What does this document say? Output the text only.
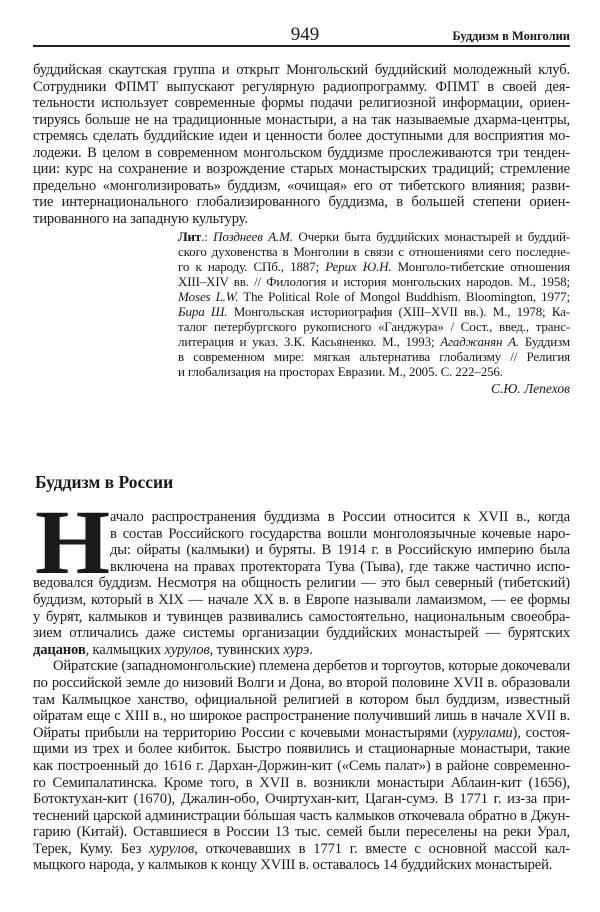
949	Буддизм в Монголии
буддийская скаутская группа и открыт Монгольский буддийский молодежный клуб.
Сотрудники ФПМТ выпускают регулярную радиопрограмму. ФПМТ в своей дея-
тельности использует современные формы подачи религиозной информации, ориен-
тируясь больше не на традиционные монастыри, а на так называемые дхарма-центры,
стремясь сделать буддийские идеи и ценности более доступными для восприятия мо-
лодежи. В целом в современном монгольском буддизме прослеживаются три тенден-
ции: курс на сохранение и возрождение старых монастырских традиций; стремление
предельно «монголизировать» буддизм, «очищая» его от тибетского влияния; разви-
тие интернационального глобализированного буддизма, в большей степени ориен-
тированного на западную культуру.
Лит.: Позднеев А.М. Очерки быта буддийских монастырей и буддий-
ского духовенства в Монголии в связи с отношениями сего последне-
го к народу. СПб., 1887; Рерих Ю.Н. Монголо-тибетские отношения
XIII–XIV вв. // Филология и история монгольских народов. М., 1958;
Moses L.W. The Political Role of Mongol Buddhism. Bloomington, 1977;
Бира Ш. Монгольская историография (XIII–XVII вв.). М., 1978; Ка-
талог петербургского рукописного «Ганджура» / Сост., введ., транс-
литерация и указ. З.К. Касьяненко. М., 1993; Агаджанян А. Буддизм
в современном мире: мягкая альтернатива глобализму // Религия
и глобализация на просторах Евразии. М., 2005. С. 222–256.
С.Ю. Лепехов
Буддизм в России
Н ачало распространения буддизма в России относится к XVII в., когда
в состав Российского государства вошли монголоязычные кочевые наро-
ды: ойраты (калмыки) и буряты. В 1914 г. в Российскую империю была
включена на правах протектората Тува (Тыва), где также частично испо-
ведовался буддизм. Несмотря на общность религии — это был северный (тибетский)
буддизм, который в XIX — начале XX в. в Европе называли ламаизмом, — ее формы
у бурят, калмыков и тувинцев развивались самостоятельно, национальным своеобра-
зием отличались даже системы организации буддийских монастырей — бурятских
дацанов, калмыцких хурулов, тувинских хурэ.
Ойратские (западномонгольские) племена дербетов и торгоутов, которые докочевали
по российской земле до низовий Волги и Дона, во второй половине XVII в. образовали
там Калмыцкое ханство, официальной религией в котором был буддизм, известный
ойратам еще с XIII в., но широкое распространение получивший лишь в начале XVII в.
Ойраты прибыли на территорию России с кочевыми монастырями (хурулами), состоя-
щими из трех и более кибиток. Быстро появились и стационарные монастыри, такие
как построенный до 1616 г. Дархан-Доржин-кит («Семь палат») в районе современно-
го Семипалатинска. Кроме того, в XVII в. возникли монастыри Аблаин-кит (1656),
Ботоктухан-кит (1670), Джалин-обо, Очиртухан-кит, Цаган-сумэ. В 1771 г. из-за при-
теснений царской администрации бóльшая часть калмыков откочевала обратно в Джун-
гарию (Китай). Оставшиеся в России 13 тыс. семей были переселены на реки Урал,
Терек, Куму. Без хурулов, откочевавших в 1771 г. вместе с основной массой кал-
мыцкого народа, у калмыков к концу XVIII в. оставалось 14 буддийских монастырей.
